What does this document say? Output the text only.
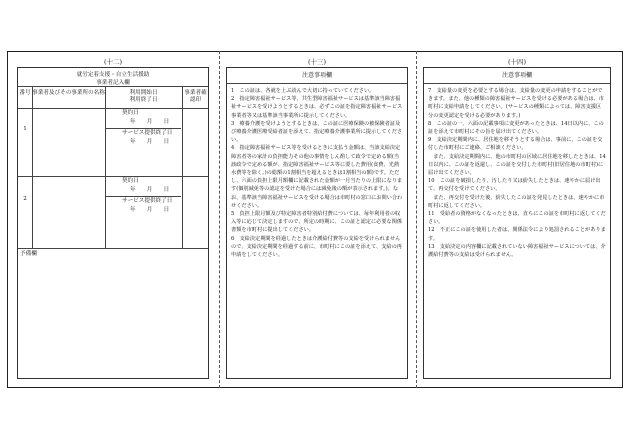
(十二)
就労定着支援・自立生活援助
事業者記入欄
番号 事業者及びその事業所の名称	利用開始日
利用終了日
事業者確認印
1
契約日
年　　月　　日
サービス提供終了日
年　　月　　日
2
契約日
年　　月　　日
サービス提供終了日
年　　月　　日
予備欄
(十三)
注意事項欄

1　この証は、各就を上ぶ読んで大切に持っていてください。

2　指定障害福祉サービス等、共生型障害福祉サービスは基準該当障害福祉サービスを受けようとするときは、必ずこの証を指定障害福祉サービス事業者等又は基準該当事業所に提示してください。

3　療養介護を受けようとするときは、この証に医療保険の被保険者証及び療養介護医療受給者証を添えて、指定療養介護事業所に提示してください。

4　指定障害福祉サービス等を受けるときに支払う金額は、当該支給決定障害者等の家計の負担能力その他の事情をしん酌して政令で定める額(当該政令で定める額が、指定障害福祉サービス等に要した費用(食費、光熱水費等を除く。)の総額の1割相当を超えるときは1割相当の額)です。ただし、六面の負担上限月額欄に記載された金額が一月当たりの上限になります(個別減免等の認定を受けた場合には減免後の額が表示されます。)。なお、基準該当障害福祉サービスを受ける場合は市町村の窓口にお問い合わせください。

5　負担上限月額及び特定障害者特別給付費については、毎年利用者の収入等に応じて決定しますので、所定の時期に、この証と認定に必要な関係書類を市町村に提出してください。

6　支給決定期間を経過したときは介護給付費等の支給を受けられませんので、支給決定期間を経過する前に、市町村にこの証を添えて、支給の再申請をしてください。

(十四)
注意事項欄

7　支給量の変更を必要とする場合は、支給量の変更の申請をすることができます。また、他の種類の障害福祉サービスを受ける必要がある場合は、市町村に支給申請をしてください。(サービスの種類によっては、障害支援区分の変更認定を受ける必要があります。)

8　この証の一、六面の記載事項に変更があったときは、14日以内に、この証を添えて市町村にその旨を届け出てください。

9　支給決定期間内に、居住地を移そうとする場合は、事前に、この証を交付した市町村にご連絡、ご相談ください。

　また、支給決定期間内に、他の市町村の区域に居住地を移したときは、14日以内に、この証を返還し、この証を交付した市町村(旧居住地の市町村)に届け出てください。

10　この証を破損したり、汚したり又は紛失したときは、速やかに届け出て、再交付を受けてください。

　また、再交付を受けた後、紛失したこの証を発見したときは、速やかに市町村に返してください。

11　受給者の資格がなくなったときは、直ちにこの証を市町村に返してください。

12　不正にこの証を使用した者は、関係法令により処罰されることがあります。

13　支給決定の内容欄に記載されていない障害福祉サービスについては、介護給付費等の支給は受けられません。
